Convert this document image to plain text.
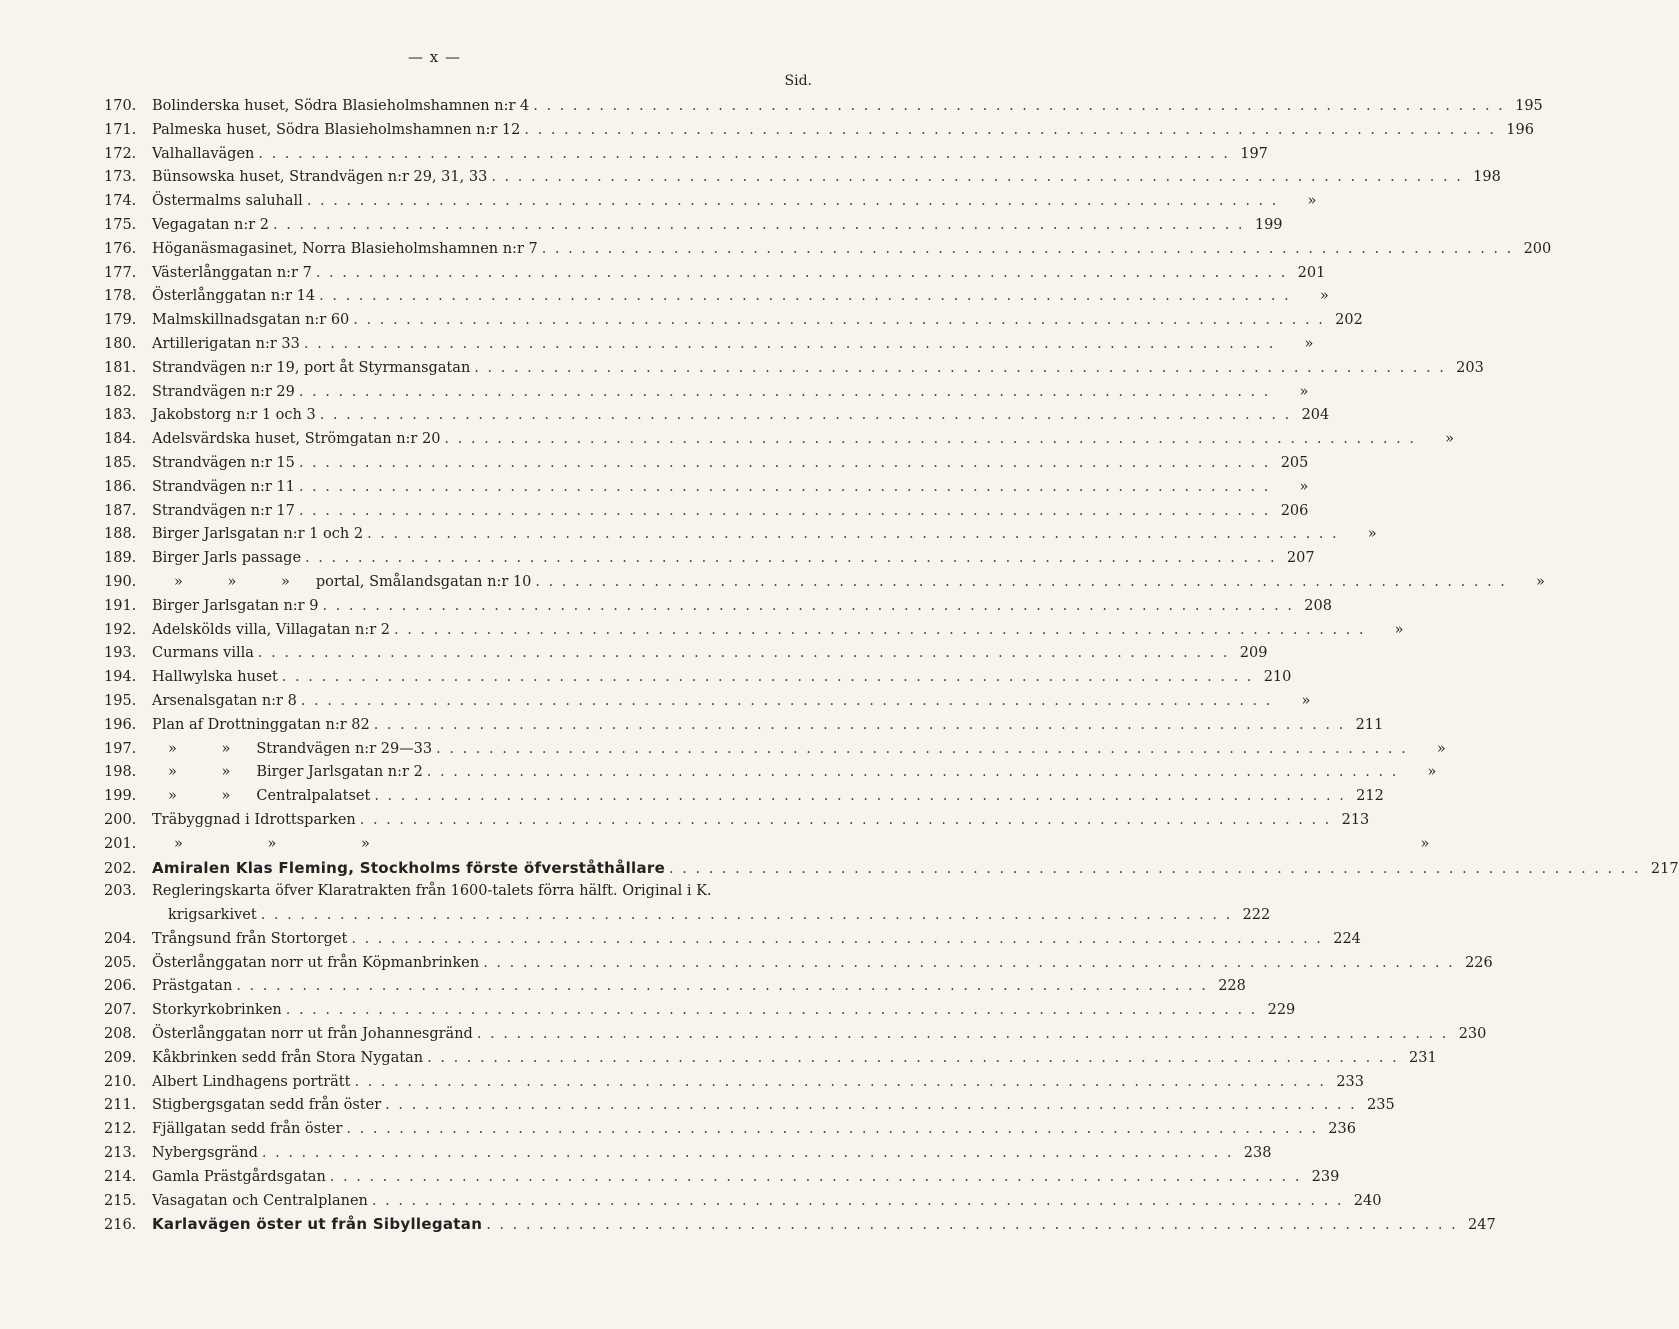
— x —
Sid.
170.	Bolinderska huset, Södra Blasieholmshamnen n:r 4 . . .	195
171.	Palmeska huset, Södra Blasieholmshamnen n:r 12 . . .	196
172.	Valhallavägen . . .	197
173.	Bünsowska huset, Strandvägen n:r 29, 31, 33 . . .	198
174.	Östermalms saluhall . . .	»
175.	Vegagatan n:r 2 . . .	199
176.	Höganäsmagasinet, Norra Blasieholmshamnen n:r 7 . . .	200
177.	Västerlånggatan n:r 7 . . .	201
178.	Österlånggatan n:r 14 . . .	»
179.	Malmskillnadsgatan n:r 60 . . .	202
180.	Artillerigatan n:r 33 . . .	»
181.	Strandvägen n:r 19, port åt Styrmansgatan . . .	203
182.	Strandvägen n:r 29 . . .	»
183.	Jakobstorg n:r 1 och 3 . . .	204
184.	Adelsvärdska huset, Strömgatan n:r 20 . . .	»
185.	Strandvägen n:r 15 . . .	205
186.	Strandvägen n:r 11 . . .	»
187.	Strandvägen n:r 17 . . .	206
188.	Birger Jarlsgatan n:r 1 och 2 . . .	»
189.	Birger Jarls passage . . .	207
190.	» » » portal, Smålandsgatan n:r 10 . . .	»
191.	Birger Jarlsgatan n:r 9 . . .	208
192.	Adelskölds villa, Villagatan n:r 2 . . .	»
193.	Curmans villa . . .	209
194.	Hallwylska huset . . .	210
195.	Arsenalsgatan n:r 8 . . .	»
196.	Plan af Drottninggatan n:r 82 . . .	211
197.	» » Strandvägen n:r 29—33 . . .	»
198.	» » Birger Jarlsgatan n:r 2 . . .	»
199.	» » Centralpalatset . . .	212
200.	Träbyggnad i Idrottsparken . . .	213
201.	» » »	»
202.	Amiralen Klas Fleming, Stockholms förste öfverståthållare . . .	217
203.	Regleringskarta öfver Klaratrakten från 1600-talets förra hälft. Original i K.
krigsarkivet . . .	222
204.	Trångsund från Stortorget . . .	224
205.	Österlånggatan norr ut från Köpmanbrinken . . .	226
206.	Prästgatan . . .	228
207.	Storkyrkobrinken . . .	229
208.	Österlånggatan norr ut från Johannesgränd . . .	230
209.	Kåkbrinken sedd från Stora Nygatan . . .	231
210.	Albert Lindhagens porträtt . . .	233
211.	Stigbergsgatan sedd från öster . . .	235
212.	Fjällgatan sedd från öster . . .	236
213.	Nybergsgränd . . .	238
214.	Gamla Prästgårdsgatan . . .	239
215.	Vasagatan och Centralplanen . . .	240
216.	Karlavägen öster ut från Sibyllegatan . . .	247
